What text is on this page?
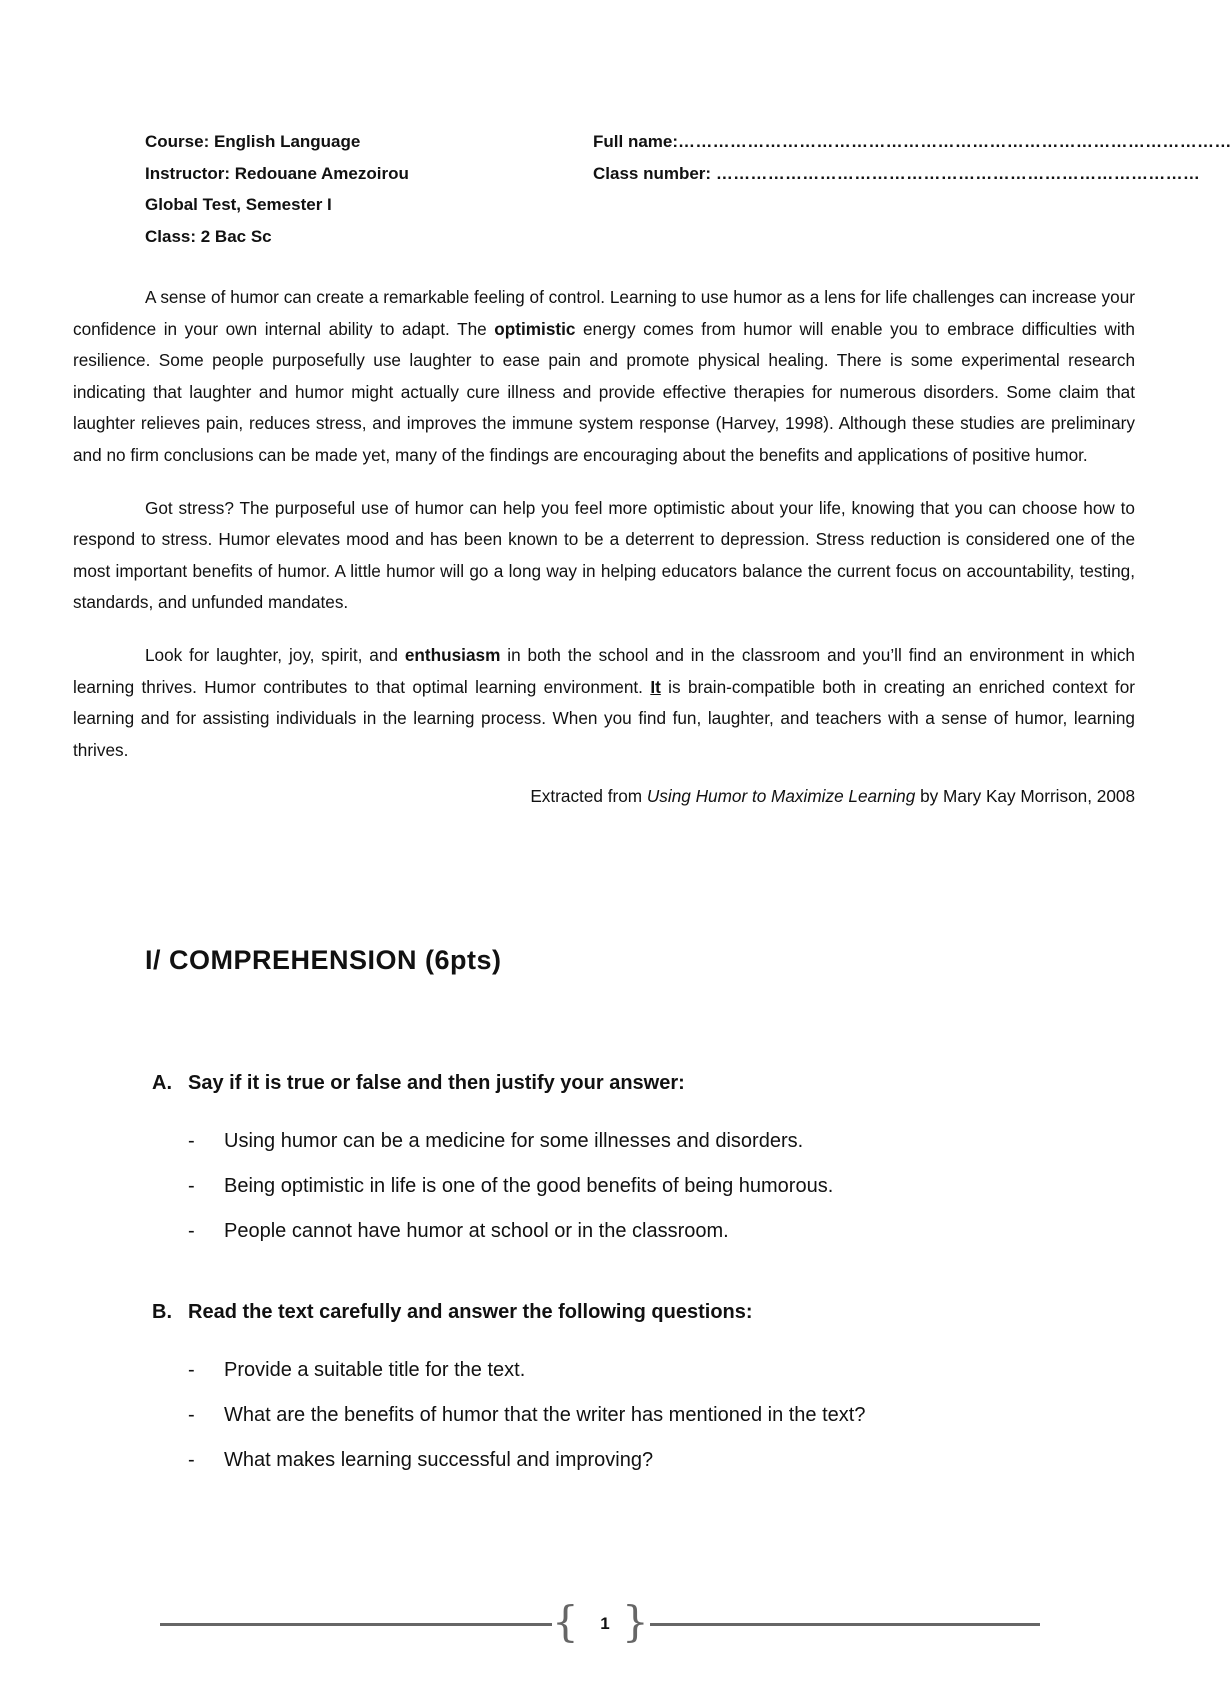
Course: English Language
Instructor: Redouane Amezoirou
Global Test, Semester I
Class: 2 Bac Sc
Full name:……………………………………………………………………………………
Class number: …………………………………………………………………………

A sense of humor can create a remarkable feeling of control. Learning to use humor as a lens for life challenges can increase your confidence in your own internal ability to adapt. The optimistic energy comes from humor will enable you to embrace difficulties with resilience. Some people purposefully use laughter to ease pain and promote physical healing. There is some experimental research indicating that laughter and humor might actually cure illness and provide effective therapies for numerous disorders. Some claim that laughter relieves pain, reduces stress, and improves the immune system response (Harvey, 1998). Although these studies are preliminary and no firm conclusions can be made yet, many of the findings are encouraging about the benefits and applications of positive humor.

Got stress? The purposeful use of humor can help you feel more optimistic about your life, knowing that you can choose how to respond to stress. Humor elevates mood and has been known to be a deterrent to depression. Stress reduction is considered one of the most important benefits of humor. A little humor will go a long way in helping educators balance the current focus on accountability, testing, standards, and unfunded mandates.

Look for laughter, joy, spirit, and enthusiasm in both the school and in the classroom and you’ll find an environment in which learning thrives. Humor contributes to that optimal learning environment. It is brain-compatible both in creating an enriched context for learning and for assisting individuals in the learning process. When you find fun, laughter, and teachers with a sense of humor, learning thrives.

Extracted from Using Humor to Maximize Learning by Mary Kay Morrison, 2008

I/ COMPREHENSION (6pts)
A. Say if it is true or false and then justify your answer:
- Using humor can be a medicine for some illnesses and disorders.
- Being optimistic in life is one of the good benefits of being humorous.
- People cannot have humor at school or in the classroom.
B. Read the text carefully and answer the following questions:
- Provide a suitable title for the text.
- What are the benefits of humor that the writer has mentioned in the text?
- What makes learning successful and improving?
{	1 }
